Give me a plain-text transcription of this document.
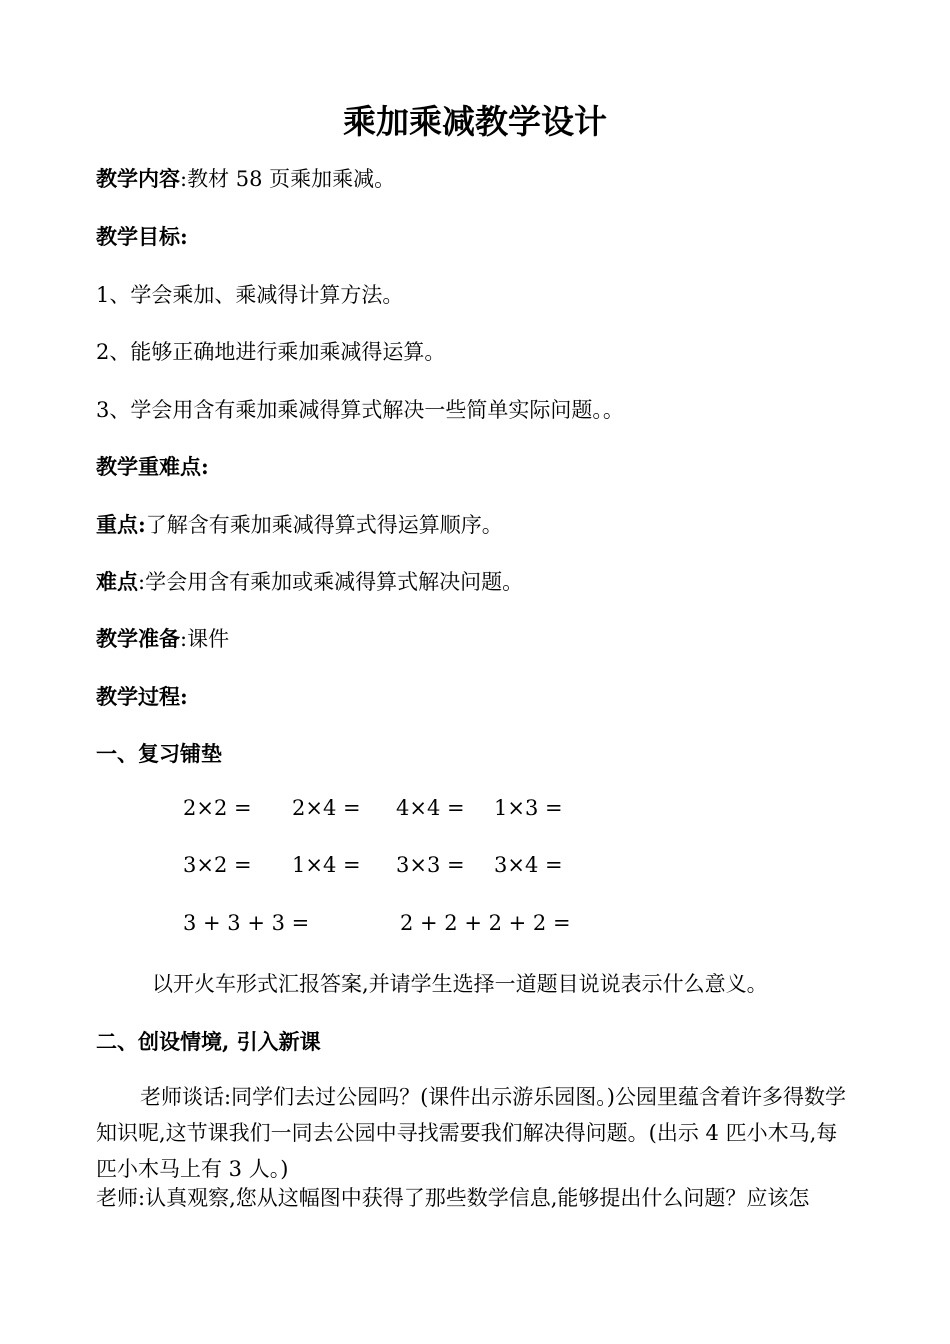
乘加乘减教学设计
教学内容:教材 58 页乘加乘减。
教学目标:
1、学会乘加、乘减得计算方法。
2、能够正确地进行乘加乘减得运算。
3、学会用含有乘加乘减得算式解决一些简单实际问题。。
教学重难点:
重点:了解含有乘加乘减得算式得运算顺序。
难点:学会用含有乘加或乘减得算式解决问题。
教学准备:课件
教学过程:
一、复习铺垫
2×2 = 2×4 = 4×4 = 1×3 =
3×2 = 1×4 = 3×3 = 3×4 =
3 + 3 + 3 =	2 + 2 + 2 + 2 =
以开火车形式汇报答案,并请学生选择一道题目说说表示什么意义。
二、创设情境, 引入新课
老师谈话:同学们去过公园吗？(课件出示游乐园图。)公园里蕴含着许多得数学知识呢,这节课我们一同去公园中寻找需要我们解决得问题。(出示 4 匹小木马,每匹小木马上有 3 人。)
老师:认真观察,您从这幅图中获得了那些数学信息,能够提出什么问题？应该怎
